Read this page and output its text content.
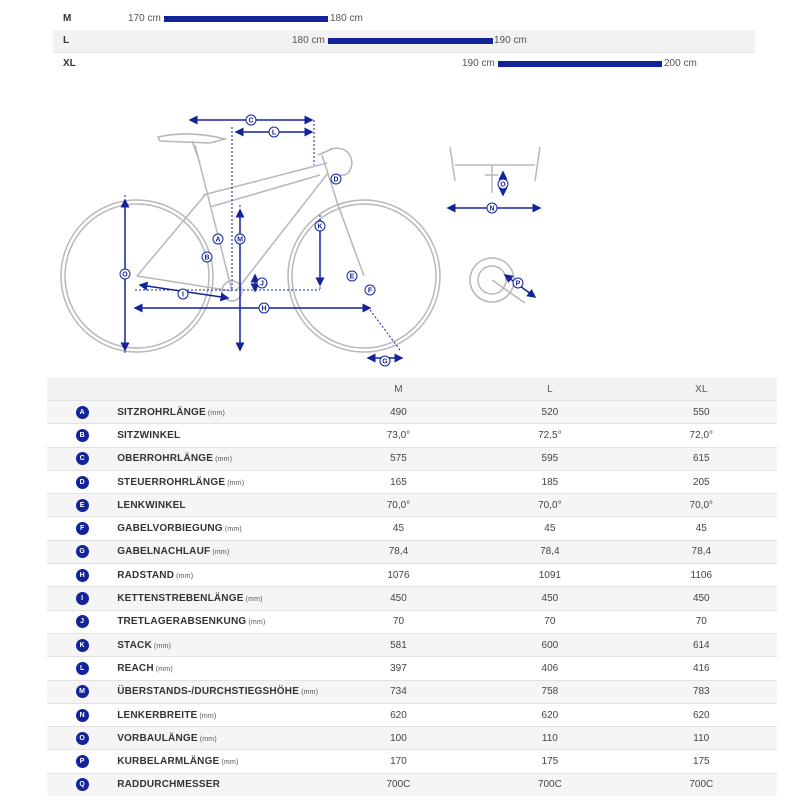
M	170 cm	180 cm
L	180 cm	190 cm
XL	190 cm	200 cm
C
L
D
K
A M
B
O	E
J
F
I
H
G
O
N
P
		M	L	XL
A	SITZROHRLÄNGE (mm)	490	520	550
B	SITZWINKEL	73,0°	72,5°	72,0°
C	OBERROHRLÄNGE (mm)	575	595	615
D	STEUERROHRLÄNGE (mm)	165	185	205
E	LENKWINKEL	70,0°	70,0°	70,0°
F	GABELVORBIEGUNG (mm)	45	45	45
G	GABELNACHLAUF (mm)	78,4	78,4	78,4
H	RADSTAND (mm)	1076	1091	1106
I	KETTENSTREBENLÄNGE (mm)	450	450	450
J	TRETLAGERABSENKUNG (mm)	70	70	70
K	STACK (mm)	581	600	614
L	REACH (mm)	397	406	416
M	ÜBERSTANDS-/DURCHSTIEGSHÖHE (mm)	734	758	783
N	LENKERBREITE (mm)	620	620	620
O	VORBAULÄNGE (mm)	100	110	110
P	KURBELARMLÄNGE (mm)	170	175	175
Q	RADDURCHMESSER	700C	700C	700C
